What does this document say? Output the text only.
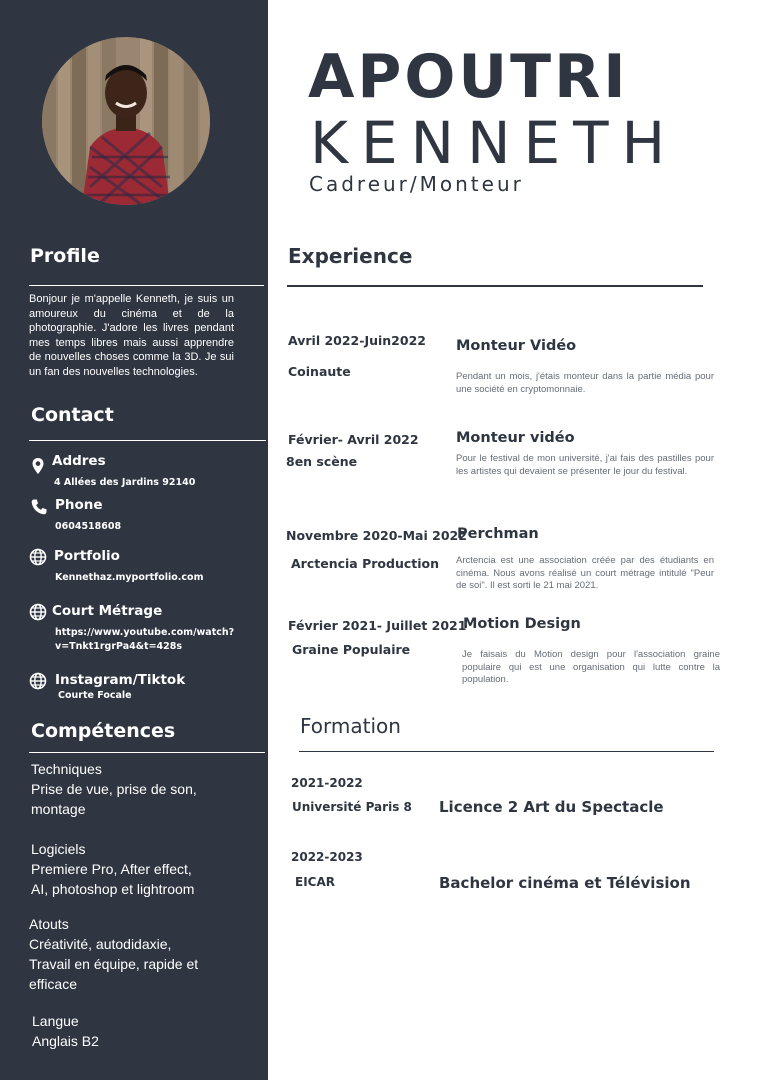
Profile

Bonjour je m'appelle Kenneth, je suis un amoureux du cinéma et de la photographie. J'adore les livres pendant mes temps libres mais aussi apprendre de nouvelles choses comme la 3D. Je sui un fan des nouvelles technologies.

Contact
Addres
4 Allées des Jardins 92140
Phone
0604518608
Portfolio
Kennethaz.myportfolio.com
Court Métrage
https://www.youtube.com/watch?
v=Tnkt1rgrPa4&t=428s
Instagram/Tiktok
Courte Focale
Compétences
Techniques
Prise de vue, prise de son,
montage
Logiciels
Premiere Pro, After effect,
AI, photoshop et lightroom
Atouts
Créativité, autodidaxie,
Travail en équipe, rapide et
efficace
Langue
Anglais B2
APOUTRI
KENNETH
Cadreur/Monteur
Experience
Avril 2022-Juin2022
Coinaute
Monteur Vidéo
Pendant un mois, j'étais monteur dans la partie média pour une société en cryptomonnaie.
Février- Avril 2022
8en scène
Monteur vidéo
Pour le festival de mon université, j'ai fais des pastilles pour les artistes qui devaient se présenter le jour du festival.
Novembre 2020-Mai 2022
Arctencia Production
Perchman
Arctencia est une association créée par des étudiants en cinéma. Nous avons réalisé un court métrage intitulé "Peur de soi". Il est sorti le 21 mai 2021.
Février 2021- Juillet 2021
Graine Populaire
Motion Design
Je faisais du Motion design pour l'association graine populaire qui est une organisation qui lutte contre la population.
Formation
2021-2022
Université Paris 8 Licence 2 Art du Spectacle
2022-2023
EICAR	Bachelor cinéma et Télévision
